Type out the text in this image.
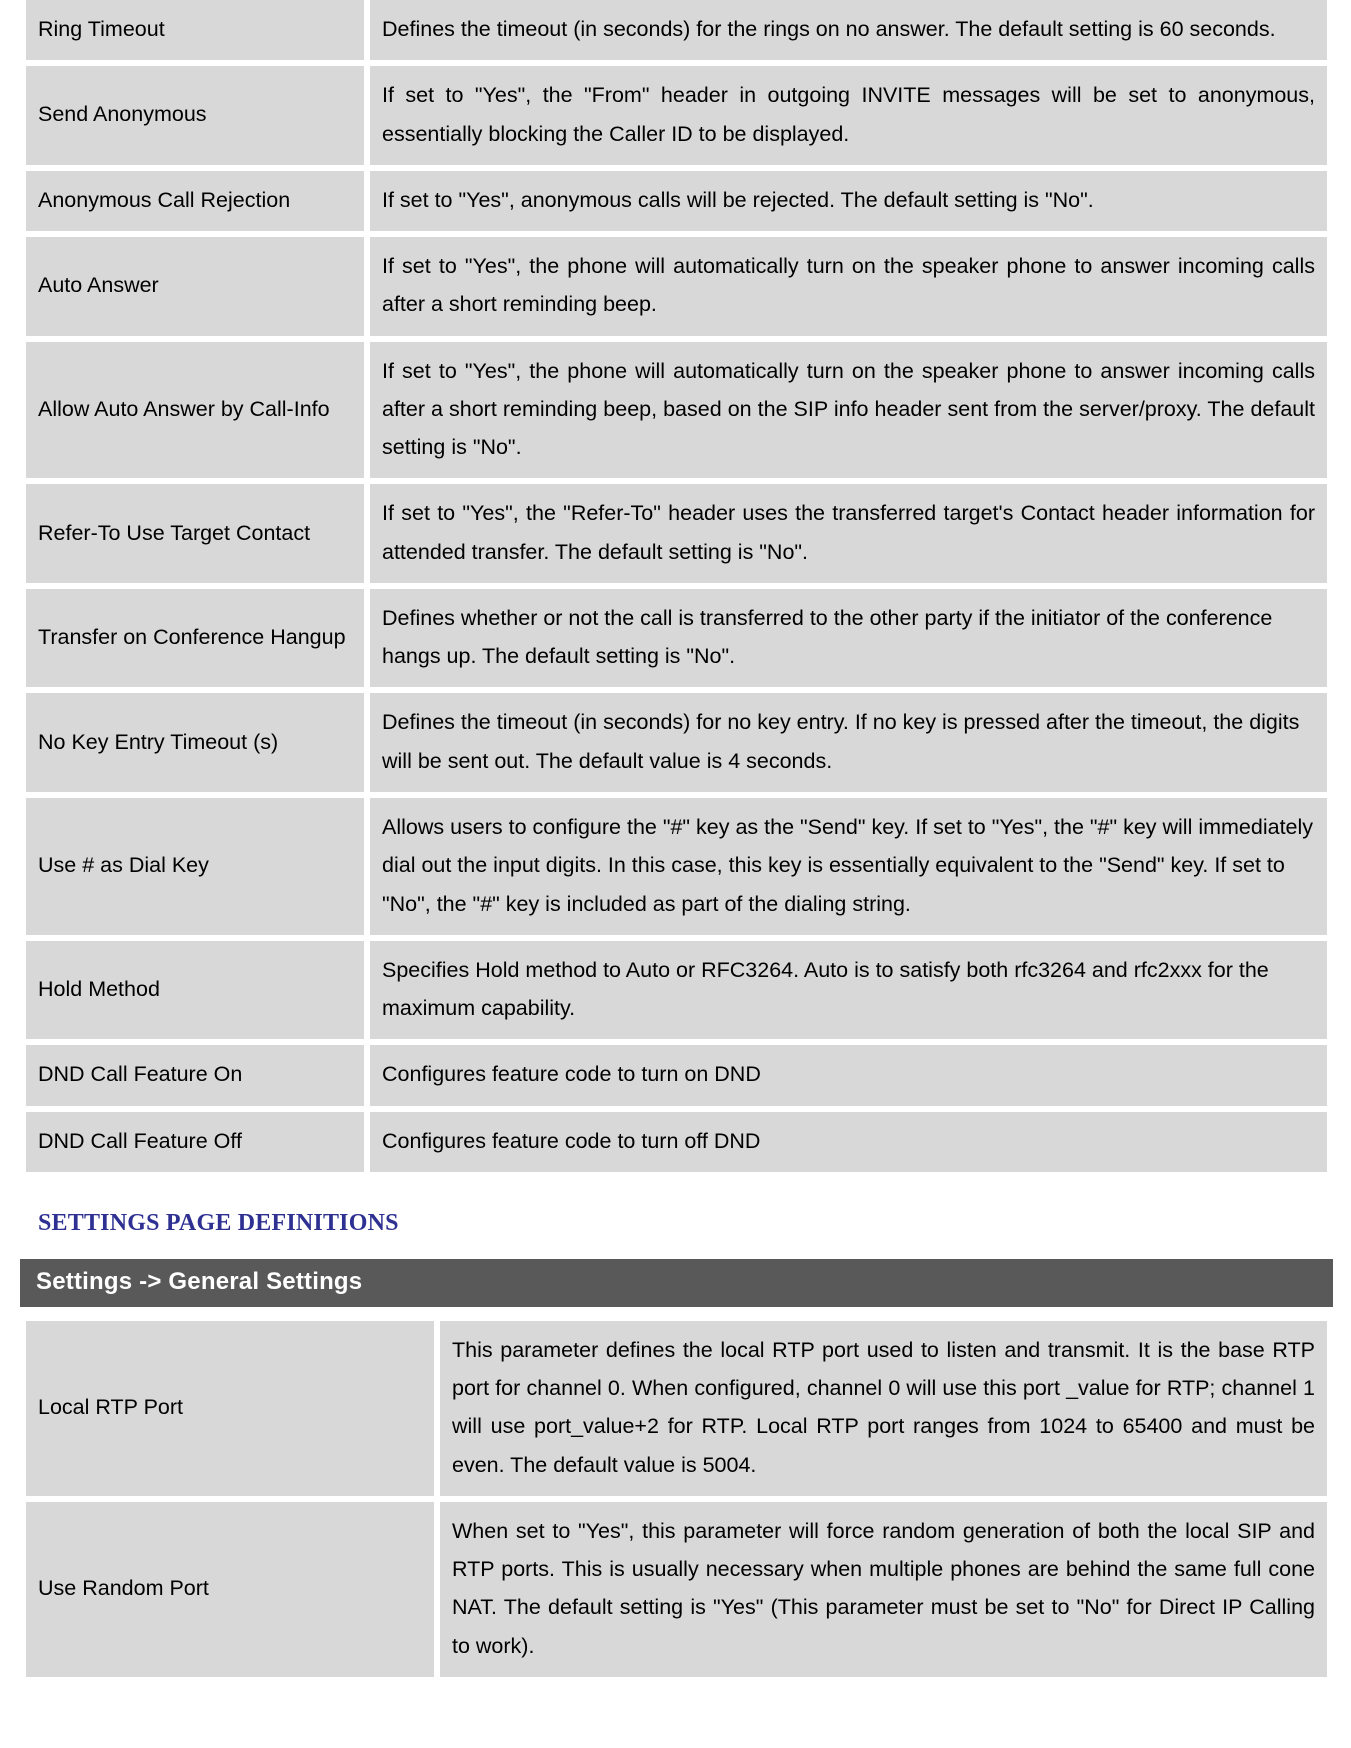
Ring Timeout	Defines the timeout (in seconds) for the rings on no answer. The default setting is 60 seconds.
Send Anonymous	If set to "Yes", the "From" header in outgoing INVITE messages will be set to anonymous, essentially blocking the Caller ID to be displayed.
Anonymous Call Rejection	If set to "Yes", anonymous calls will be rejected. The default setting is "No".
Auto Answer	If set to "Yes", the phone will automatically turn on the speaker phone to answer incoming calls after a short reminding beep.
Allow Auto Answer by Call-Info	If set to "Yes", the phone will automatically turn on the speaker phone to answer incoming calls after a short reminding beep, based on the SIP info header sent from the server/proxy. The default setting is "No".
Refer-To Use Target Contact	If set to "Yes", the "Refer-To" header uses the transferred target's Contact header information for attended transfer. The default setting is "No".
Transfer on Conference Hangup	Defines whether or not the call is transferred to the other party if the initiator of the conference hangs up. The default setting is "No".
No Key Entry Timeout (s)	Defines the timeout (in seconds) for no key entry. If no key is pressed after the timeout, the digits will be sent out. The default value is 4 seconds.
Use # as Dial Key	Allows users to configure the "#" key as the "Send" key. If set to "Yes", the "#" key will immediately dial out the input digits. In this case, this key is essentially equivalent to the "Send" key. If set to "No", the "#" key is included as part of the dialing string.
Hold Method	Specifies Hold method to Auto or RFC3264. Auto is to satisfy both rfc3264 and rfc2xxx for the maximum capability.
DND Call Feature On	Configures feature code to turn on DND
DND Call Feature Off	Configures feature code to turn off DND
SETTINGS PAGE DEFINITIONS
Settings -> General Settings
Local RTP Port	This parameter defines the local RTP port used to listen and transmit. It is the base RTP port for channel 0. When configured, channel 0 will use this port _value for RTP; channel 1 will use port_value+2 for RTP. Local RTP port ranges from 1024 to 65400 and must be even. The default value is 5004.
Use Random Port	When set to "Yes", this parameter will force random generation of both the local SIP and RTP ports. This is usually necessary when multiple phones are behind the same full cone NAT. The default setting is "Yes" (This parameter must be set to "No" for Direct IP Calling to work).
